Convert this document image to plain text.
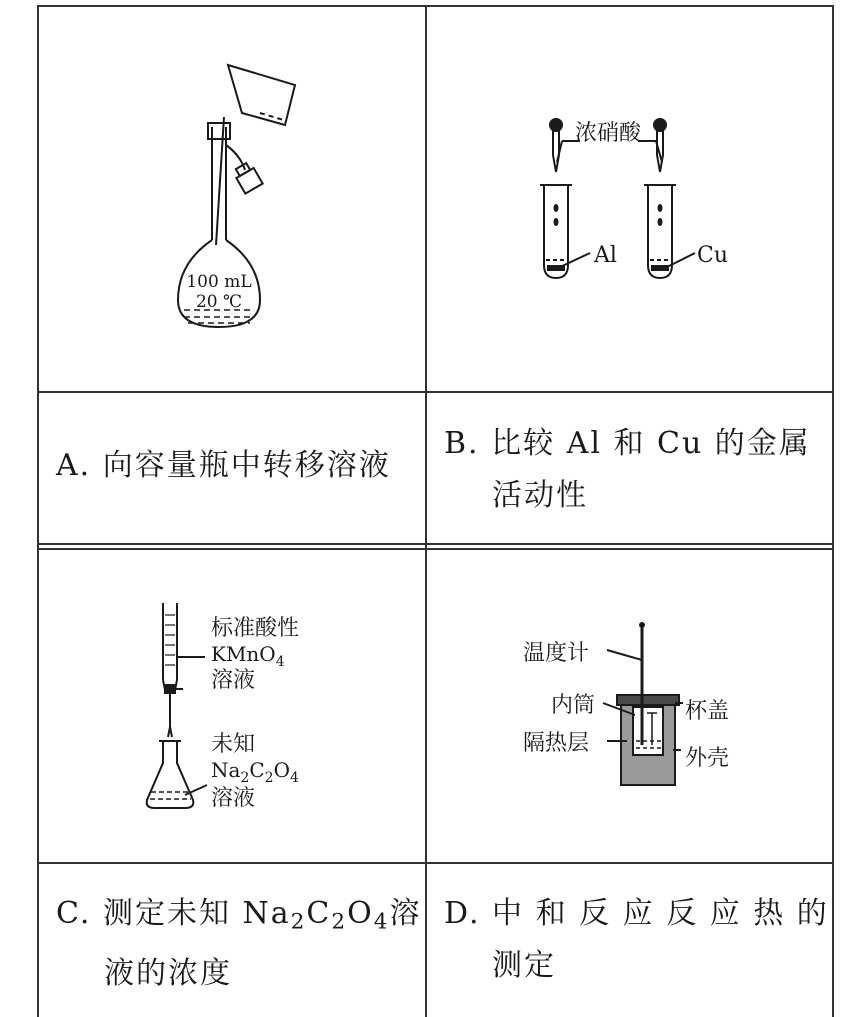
100 mL
20 ℃
A. 向容量瓶中转移溶液
浓硝酸
Al	Cu
B. 比较 Al 和 Cu 的金属
活动性
标准酸性
KMnO$_4$
溶液
未知
$Na_2C_2O_4$
溶液
C. 测定未知 $Na_2C_2O_4$溶
液的浓度
温度计
内筒
隔热层
杯盖
外壳
D. 中 和 反 应 反 应 热 的
测定
